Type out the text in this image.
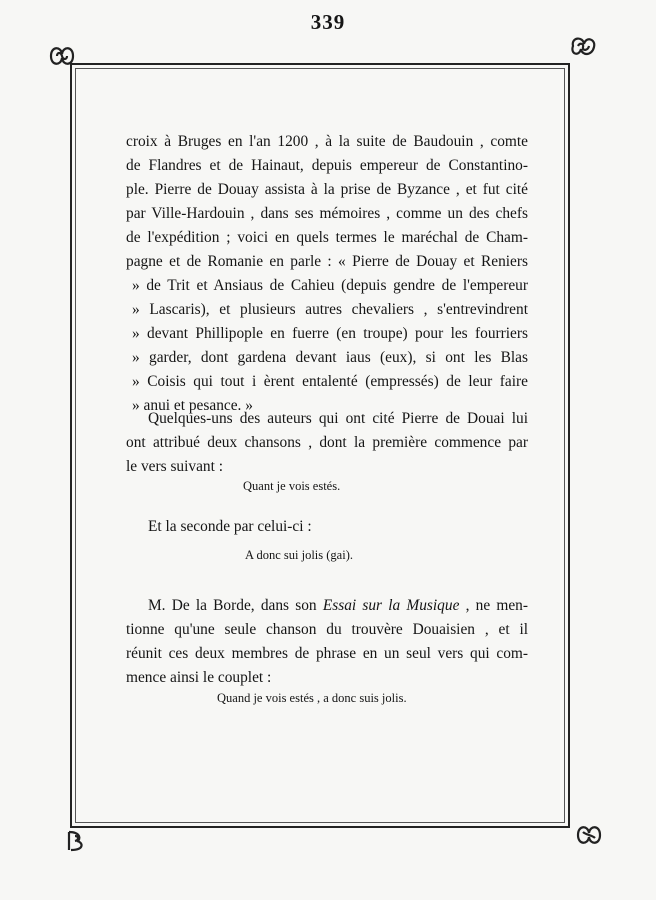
339
croix à Bruges en l'an 1200 , à la suite de Baudouin , comte
de Flandres et de Hainaut, depuis empereur de Constantino-
ple. Pierre de Douay assista à la prise de Byzance , et fut cité
par Ville-Hardouin , dans ses mémoires , comme un des chefs
de l'expédition ; voici en quels termes le maréchal de Cham-
pagne et de Romanie en parle : « Pierre de Douay et Reniers
» de Trit et Ansiaus de Cahieu (depuis gendre de l'empereur
» Lascaris), et plusieurs autres chevaliers , s'entrevindrent
» devant Phillipople en fuerre (en troupe) pour les fourriers
» garder, dont gardena devant iaus (eux), si ont les Blas
» Coisis qui tout i èrent entalenté (empressés) de leur faire
» anui et pesance. »
Quelques-uns des auteurs qui ont cité Pierre de Douai lui
ont attribué deux chansons , dont la première commence par
le vers suivant :
Quant je vois estés.
Et la seconde par celui-ci :
A donc sui jolis (gai).
M. De la Borde, dans son Essai sur la Musique , ne men-
tionne qu'une seule chanson du trouvère Douaisien , et il
réunit ces deux membres de phrase en un seul vers qui com-
mence ainsi le couplet :
Quand je vois estés , a donc suis jolis.
